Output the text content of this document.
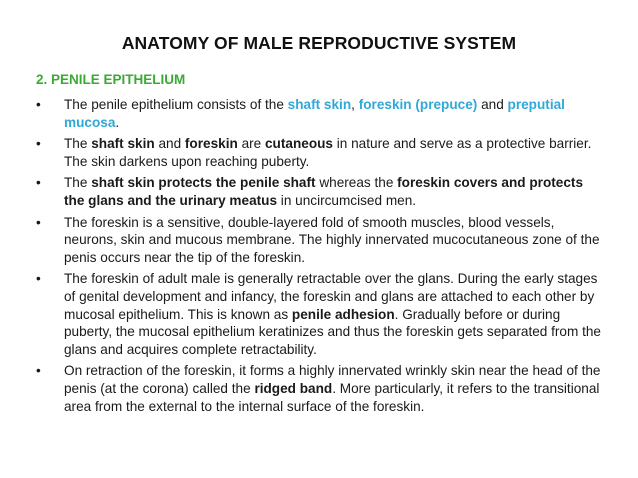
ANATOMY OF MALE REPRODUCTIVE SYSTEM
2. PENILE EPITHELIUM
•	The penile epithelium consists of the shaft skin, foreskin (prepuce) and preputial mucosa.
•	The shaft skin and foreskin are cutaneous in nature and serve as a protective barrier. The skin darkens upon reaching puberty.
•	The shaft skin protects the penile shaft whereas the foreskin covers and protects the glans and the urinary meatus in uncircumcised men.
•	The foreskin is a sensitive, double-layered fold of smooth muscles, blood vessels, neurons, skin and mucous membrane. The highly innervated mucocutaneous zone of the penis occurs near the tip of the foreskin.
•	The foreskin of adult male is generally retractable over the glans. During the early stages of genital development and infancy, the foreskin and glans are attached to each other by mucosal epithelium. This is known as penile adhesion. Gradually before or during puberty, the mucosal epithelium keratinizes and thus the foreskin gets separated from the glans and acquires complete retractability.
•	On retraction of the foreskin, it forms a highly innervated wrinkly skin near the head of the penis (at the corona) called the ridged band. More particularly, it refers to the transitional area from the external to the internal surface of the foreskin.
